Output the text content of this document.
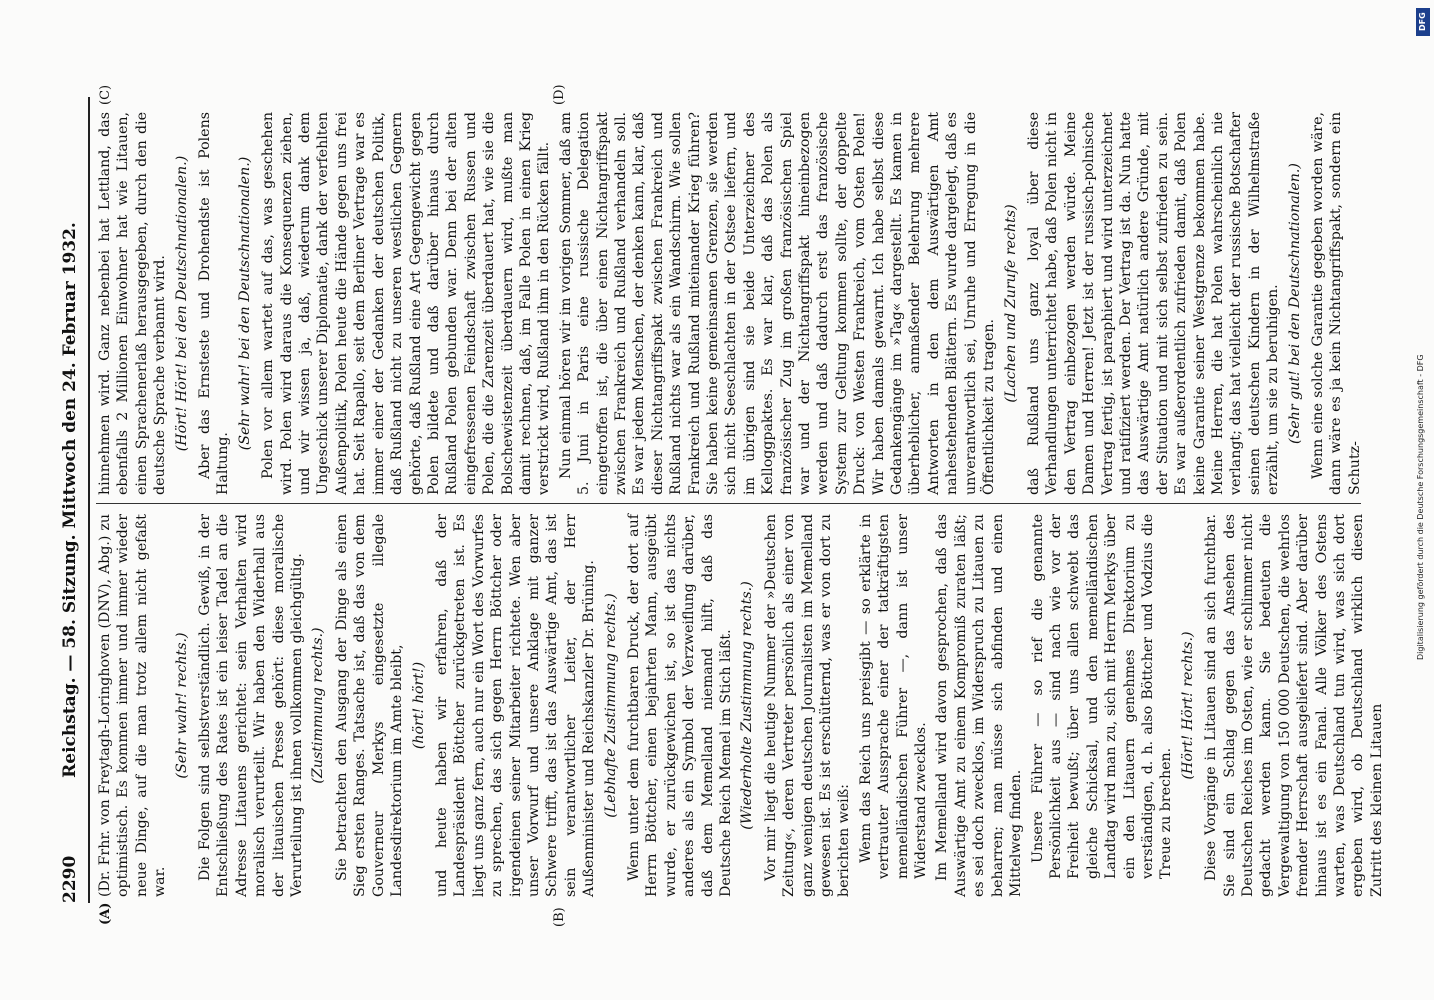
2290
Reichstag. — 58. Sitzung. Mittwoch den 24. Februar 1932.
(A)	(B)
(C)	(D)

(Dr. Frhr. von Freytagh-Loringhoven (DNV), Abg.) zu optimistisch. Es kommen immer und immer wieder neue Dinge, auf die man trotz allem nicht gefaßt war.

(Sehr wahr! rechts.) Die Folgen sind selbstverständlich. Gewiß, in der Entschließung des Rates ist ein leiser Tadel an die Adresse Litauens gerichtet: sein Verhalten wird moralisch verurteilt. Wir haben den Widerhall aus der litauischen Presse gehört: diese moralische Verurteilung ist ihnen vollkommen gleichgültig. (Zustimmung rechts.) Sie betrachten den Ausgang der Dinge als einen Sieg ersten Ranges. Tatsache ist, daß das von dem Gouverneur Merkys eingesetzte illegale Landesdirektorium im Amte bleibt, (hört! hört!) und heute haben wir erfahren, daß der Landespräsident Böttcher zurückgetreten ist. Es liegt uns ganz fern, auch nur ein Wort des Vorwurfes zu sprechen, das sich gegen Herrn Böttcher oder irgendeinen seiner Mitarbeiter richtete. Wen aber unser Vorwurf und unsere Anklage mit ganzer Schwere trifft, das ist das Auswärtige Amt, das ist sein verantwortlicher Leiter, der Herr Außenminister und Reichskanzler Dr. Brüning. (Lebhafte Zustimmung rechts.) Wenn unter dem furchtbaren Druck, der dort auf Herrn Böttcher, einen bejahrten Mann, ausgeübt wurde, er zurückgewichen ist, so ist das nichts anderes als ein Symbol der Verzweiflung darüber, daß dem Memelland niemand hilft, daß das Deutsche Reich Memel im Stich läßt. (Wiederholte Zustimmung rechts.) Vor mir liegt die heutige Nummer der »Deutschen Zeitung«, deren Vertreter persönlich als einer von ganz wenigen deutschen Journalisten im Memelland gewesen ist. Es ist erschütternd, was er von dort zu berichten weiß: Wenn das Reich uns preisgibt — so erklärte in vertrauter Aussprache einer der tatkräftigsten memelländischen Führer —, dann ist unser Widerstand zwecklos. Im Memelland wird davon gesprochen, daß das Auswärtige Amt zu einem Kompromiß zuraten läßt; es sei doch zwecklos, im Widerspruch zu Litauen zu beharren; man müsse sich abfinden und einen Mittelweg finden. Unsere Führer — so rief die genannte Persönlichkeit aus — sind nach wie vor der Freiheit bewußt; über uns allen schwebt das gleiche Schicksal, und den memelländischen Landtag wird man zu, sich mit Herrn Merkys über ein den Litauern genehmes Direktorium zu verständigen, d. h. also Böttcher und Vodzius die Treue zu brechen.

(Hört! Hört! rechts.) Diese Vorgänge in Litauen sind an sich furchtbar. Sie sind ein Schlag gegen das Ansehen des Deutschen Reiches im Osten, wie er schlimmer nicht gedacht werden kann. Sie bedeuten die Vergewaltigung von 150 000 Deutschen, die wehrlos fremder Herrschaft ausgeliefert sind. Aber darüber hinaus ist es ein Fanal. Alle Völker des Ostens warten, was Deutschland tun wird, was sich dort ergeben wird, ob Deutschland wirklich diesen Zutritt des kleinen Litauen

hinnehmen wird. Ganz nebenbei hat Lettland, das ebenfalls 2 Millionen Einwohner hat wie Litauen, einen Sprachenerlaß herausgegeben, durch den die deutsche Sprache verbannt wird. (Hört! Hört! bei den Deutschnationalen.) Aber das Ernsteste und Drohendste ist Polens Haltung.

(Sehr wahr! bei den Deutschnationalen.) Polen vor allem wartet auf das, was geschehen wird. Polen wird daraus die Konsequenzen ziehen, und wir wissen ja, daß, wiederum dank dem Ungeschick unserer Diplomatie, dank der verfehlten Außenpolitik, Polen heute die Hände gegen uns frei hat. Seit Rapallo, seit dem Berliner Vertrage war es immer einer der Gedanken der deutschen Politik, daß Rußland nicht zu unseren westlichen Gegnern gehörte, daß Rußland eine Art Gegengewicht gegen Polen bildete und daß darüber hinaus durch Rußland Polen gebunden war. Denn bei der alten eingefressenen Feindschaft zwischen Russen und Polen, die die Zarenzeit überdauert hat, wie sie die Bolschewistenzeit überdauern wird, mußte man damit rechnen, daß, im Falle Polen in einen Krieg verstrickt wird, Rußland ihm in den Rücken fällt. Nun einmal hören wir im vorigen Sommer, daß am 5. Juni in Paris eine russische Delegation eingetroffen ist, die über einen Nichtangriffspakt zwischen Frankreich und Rußland verhandeln soll. Es war jedem Menschen, der denken kann, klar, daß dieser Nichtangriffspakt zwischen Frankreich und Rußland nichts war als ein Wandschirm. Wie sollen Frankreich und Rußland miteinander Krieg führen? Sie haben keine gemeinsamen Grenzen, sie werden sich nicht Seeschlachten in der Ostsee liefern, und im übrigen sind sie beide Unterzeichner des Kelloggpaktes. Es war klar, daß das Polen als französischer Zug im großen französischen Spiel war und der Nichtangriffspakt hineinbezogen werden und daß dadurch erst das französische System zur Geltung kommen sollte, der doppelte Druck: von Westen Frankreich, vom Osten Polen! Wir haben damals gewarnt. Ich habe selbst diese Gedankengänge im »Tag« dargestellt. Es kamen in überheblicher, anmaßender Belehrung mehrere Antworten in den dem Auswärtigen Amt nahestehenden Blättern. Es wurde dargelegt, daß es unverantwortlich sei, Unruhe und Erregung in die Öffentlichkeit zu tragen.

(Lachen und Zurufe rechts) daß Rußland uns ganz loyal über diese Verhandlungen unterrichtet habe, daß Polen nicht in den Vertrag einbezogen werden würde. Meine Damen und Herren! Jetzt ist der russisch-polnische Vertrag fertig, ist paraphiert und wird unterzeichnet und ratifiziert werden. Der Vertrag ist da. Nun hatte das Auswärtige Amt natürlich andere Gründe, mit der Situation und mit sich selbst zufrieden zu sein. Es war außerordentlich zufrieden damit, daß Polen keine Garantie seiner Westgrenze bekommen habe. Meine Herren, die hat Polen wahrscheinlich nie verlangt; das hat vielleicht der russische Botschafter seinen deutschen Kindern in der Wilhelmstraße erzählt, um sie zu beruhigen. (Sehr gut! bei den Deutschnationalen.) Wenn eine solche Garantie gegeben worden wäre, dann wäre es ja kein Nichtangriffspakt, sondern ein Schutz-

DFG
Digitalisierung gefördert durch die Deutsche Forschungsgemeinschaft - DFG
